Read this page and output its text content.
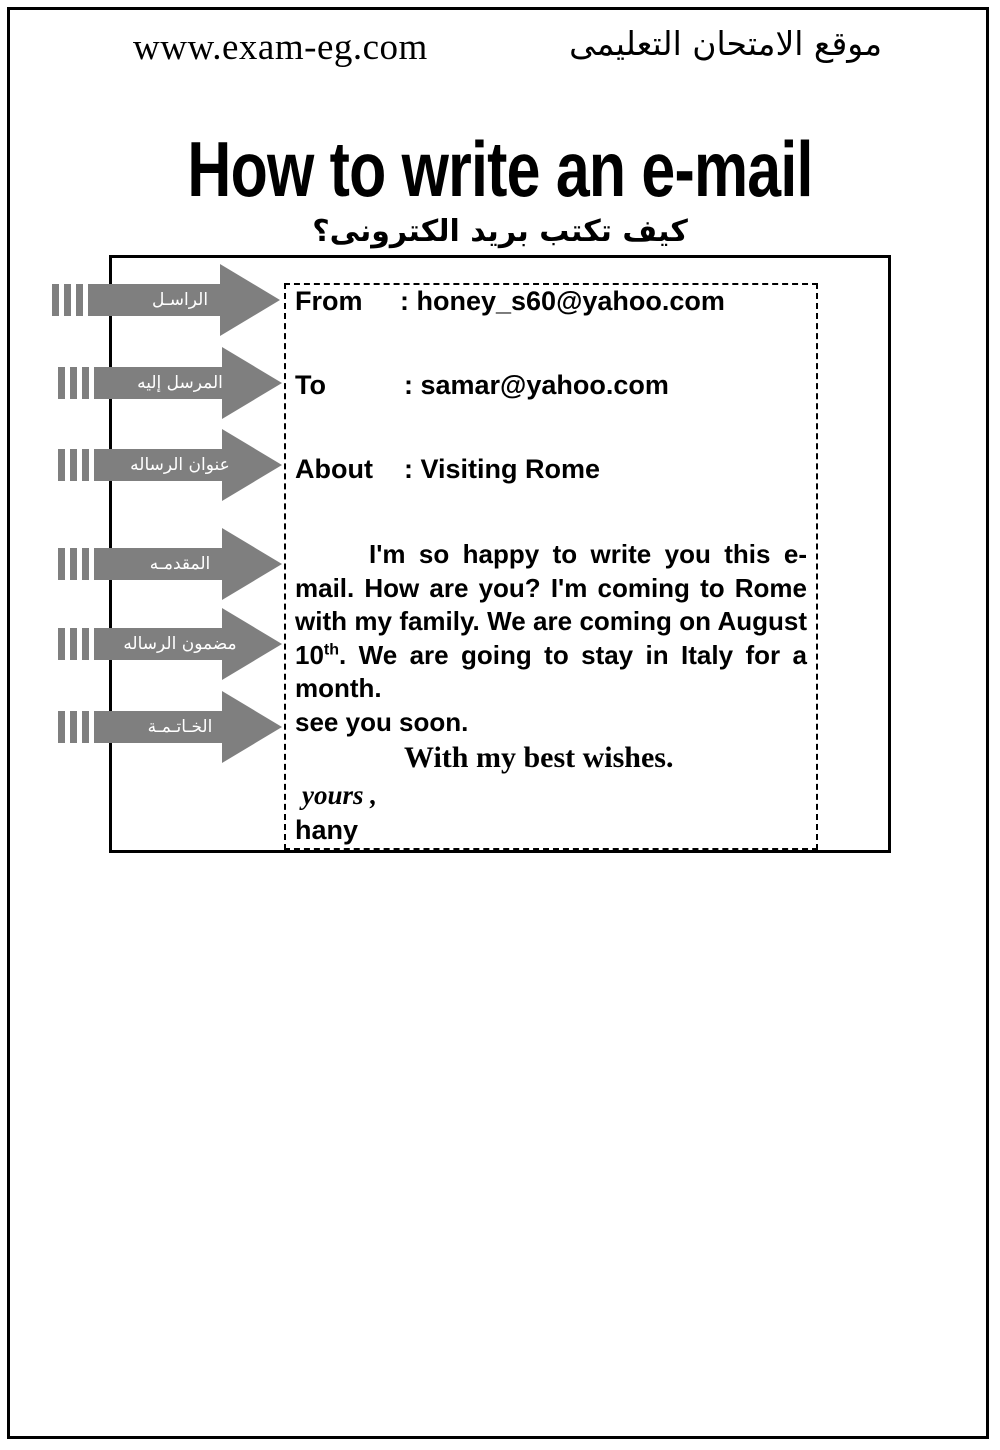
www.exam-eg.com	موقع الامتحان التعليمى
How to write an e-mail
كيف تكتب بريد الكترونى؟
الراسـل
المرسل إليه
عنوان الرساله
المقدمـه
مضمون الرساله
الخـاتـمـة
From : honey_s60@yahoo.com
To	: samar@yahoo.com
About : Visiting Rome

I'm so happy to write you this e-mail. How are you? I'm coming to Rome with my family. We are coming on August 10th. We are going to stay in Italy for a month.

see you soon.

With my best wishes.
yours ,
hany
